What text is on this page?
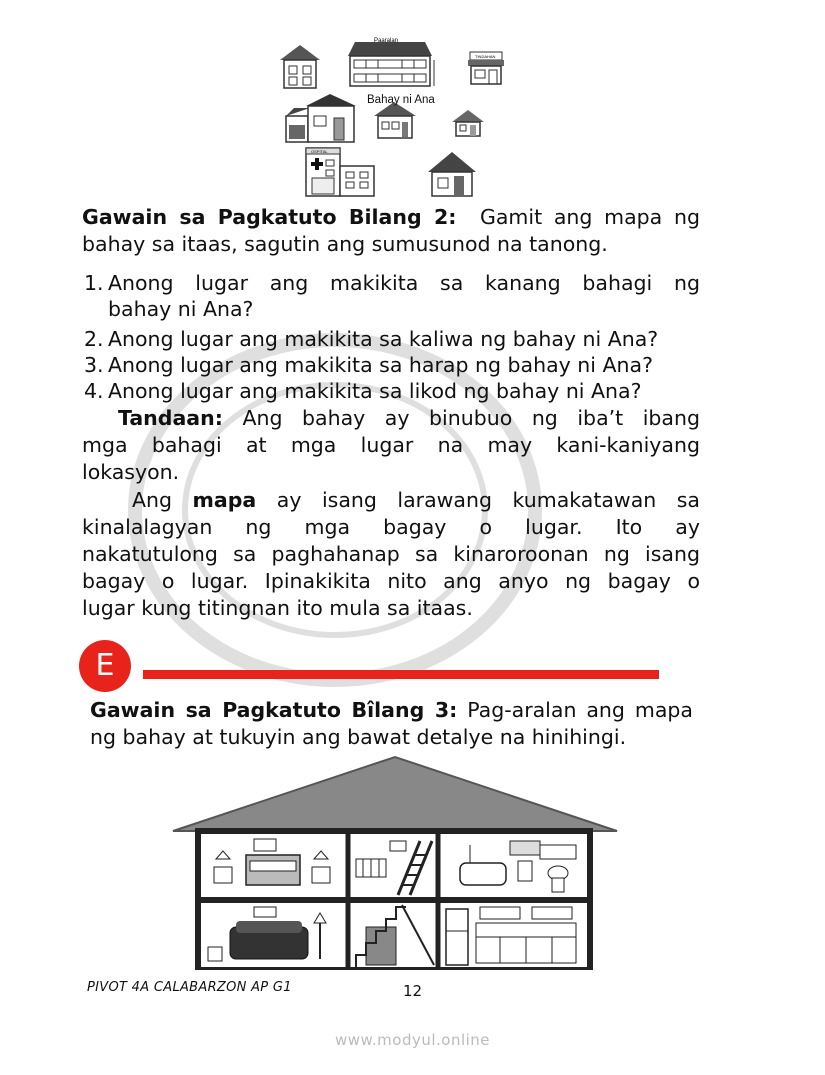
Paaralan
TINDAHAN
OSPITAL
Bahay ni Ana
Gawain sa Pagkatuto Bilang 2: Gamit ang mapa ng
bahay sa itaas, sagutin ang sumusunod na tanong.
1. Anong lugar ang makikita sa kanang bahagi ng
bahay ni Ana?
2. Anong lugar ang makikita sa kaliwa ng bahay ni Ana?
3. Anong lugar ang makikita sa harap ng bahay ni Ana?
4. Anong lugar ang makikita sa likod ng bahay ni Ana?
Tandaan: Ang bahay ay binubuo ng iba’t ibang
mga bahagi at mga lugar na may kani-kaniyang
lokasyon.
Ang mapa ay isang larawang kumakatawan sa
kinalalagyan ng mga bagay o lugar. Ito ay
nakatutulong sa paghahanap sa kinaroroonan ng isang
bagay o lugar. Ipinakikita nito ang anyo ng bagay o
lugar kung titingnan ito mula sa itaas.
E
Gawain sa Pagkatuto Bîlang 3: Pag-aralan ang mapa
ng bahay at tukuyin ang bawat detalye na hinihingi.
PIVOT 4A CALABARZON AP G1	12
www.modyul.online
